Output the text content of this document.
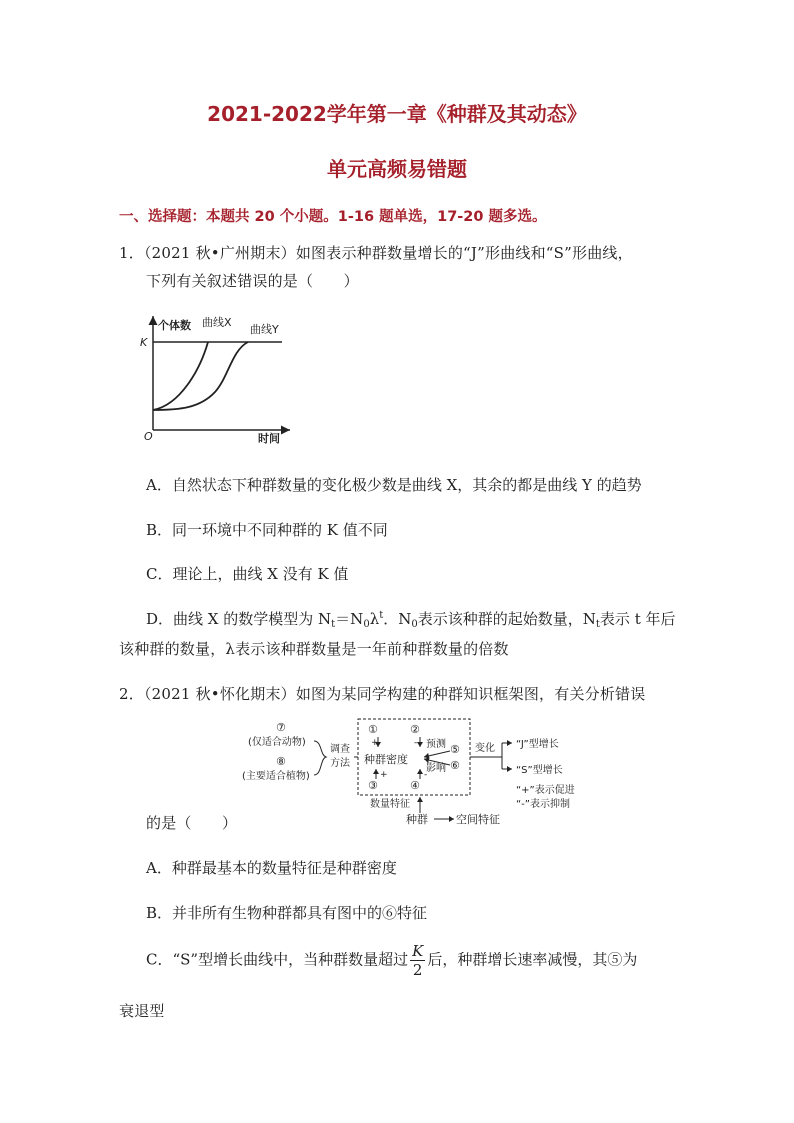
2021-2022学年第一章《种群及其动态》
单元高频易错题
一、选择题：本题共 20 个小题。1-16 题单选，17-20 题多选。
1．（2021 秋•广州期末）如图表示种群数量增长的“J”形曲线和“S”形曲线，
下列有关叙述错误的是（　　）
个体数 曲线X
曲线Y
K
O	时间
A．自然状态下种群数量的变化极少数是曲线 X，其余的都是曲线 Y 的趋势
B．同一环境中不同种群的 K 值不同
C．理论上，曲线 X 没有 K 值
D．曲线 X 的数学模型为 $N_t=N_0\lambda^t$．$N_0$表示该种群的起始数量，$N_t$表示 t 年后
该种群的数量，λ表示该种群数量是一年前种群数量的倍数
2．（2021 秋•怀化期末）如图为某同学构建的种群知识框架图，有关分析错误
⑦
(仅适合动物)
⑧
(主要适合植物)
调查
方法
①	②
+	-
种群密度
+	-
③	④
预测 ⑤
影响 ⑥
变化 “J”型增长
“S”型增长
“+”表示促进
“-”表示抑制
数量特征
种群	空间特征
的是（　　）
A．种群最基本的数量特征是种群密度
B．并非所有生物种群都具有图中的⑥特征
C．“S”型增长曲线中，当种群数量超过 $\frac{K}{2}$ 后，种群增长速率减慢，其⑤为
衰退型
